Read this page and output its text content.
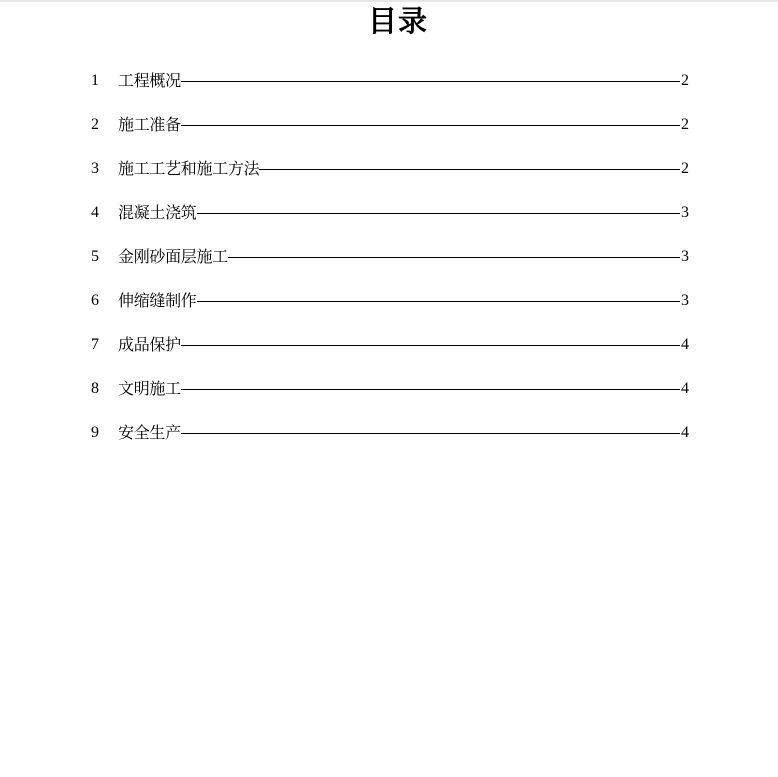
目录
1	工程概况	2
2	施工准备	2
3	施工工艺和施工方法	2
4	混凝土浇筑	3
5	金刚砂面层施工	3
6	伸缩缝制作	3
7	成品保护	4
8	文明施工	4
9	安全生产	4
